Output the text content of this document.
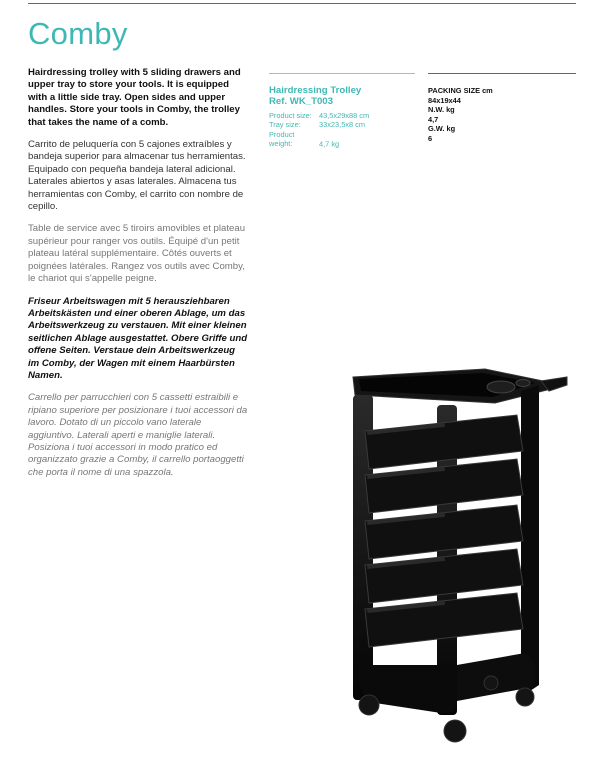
Comby

Hairdressing trolley with 5 sliding drawers and upper tray to store your tools. It is equipped with a little side tray. Open sides and upper handles. Store your tools in Comby, the trolley that takes the name of a comb.

Carrito de peluquería con 5 cajones extraíbles y bandeja superior para almacenar tus herramientas. Equipado con pequeña bandeja lateral adicional. Laterales abiertos y asas laterales. Almacena tus herramientas con Comby, el carrito con nombre de cepillo.

Table de service avec 5 tiroirs amovibles et plateau supérieur pour ranger vos outils. Équipé d'un petit plateau latéral supplémentaire. Côtés ouverts et poignées latérales. Rangez vos outils avec Comby, le chariot qui s'appelle peigne.

Friseur Arbeitswagen mit 5 herausziehbaren Arbeitskästen und einer oberen Ablage, um das Arbeitswerkzeug zu verstauen. Mit einer kleinen seitlichen Ablage ausgestattet. Obere Griffe und offene Seiten. Verstaue dein Arbeitswerkzeug im Comby, der Wagen mit einem Haarbürsten Namen.

Carrello per parrucchieri con 5 cassetti estraibili e ripiano superiore per posizionare i tuoi accessori da lavoro. Dotato di un piccolo vano laterale aggiuntivo. Laterali aperti e maniglie laterali. Posiziona i tuoi accessori in modo pratico ed organizzato grazie a Comby, il carrello portaoggetti che porta il nome di una spazzola.

Hairdressing Trolley
Ref. WK_T003
Product size: 43,5x29x88 cm
Tray size: 33x23,5x8 cm
Product weight:	4,7 kg
PACKING SIZE cm
84x19x44
N.W. kg
4,7
G.W. kg
6
